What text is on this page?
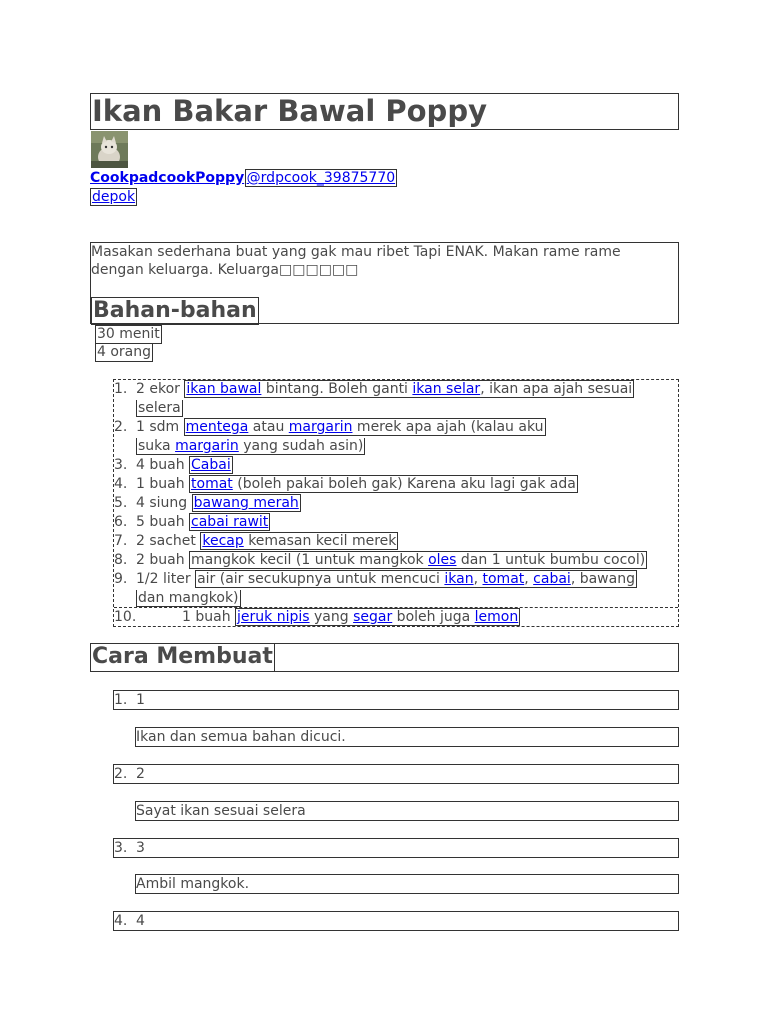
Ikan Bakar Bawal Poppy
CookpadcookPoppy @rdpcook_39875770
depok

Masakan sederhana buat yang gak mau ribet Tapi ENAK. Makan rame rame
dengan keluarga. Keluarga□□□□□□

Bahan-bahan
30 menit
4 orang
1. 2 ekor ikan bawal bintang. Boleh ganti ikan selar, ikan apa ajah sesuai
selera
2. 1 sdm mentega atau margarin merek apa ajah (kalau aku
suka margarin yang sudah asin)
3. 4 buah Cabai
4. 1 buah tomat (boleh pakai boleh gak) Karena aku lagi gak ada
5. 4 siung bawang merah
6. 5 buah cabai rawit
7. 2 sachet kecap kemasan kecil merek
8. 2 buah mangkok kecil (1 untuk mangkok oles dan 1 untuk bumbu cocol)
9. 1/2 liter air (air secukupnya untuk mencuci ikan, tomat, cabai, bawang
dan mangkok)
10.	1 buah jeruk nipis yang segar boleh juga lemon
Cara Membuat
1. 1
Ikan dan semua bahan dicuci.
2. 2
Sayat ikan sesuai selera
3. 3
Ambil mangkok.
4. 4
